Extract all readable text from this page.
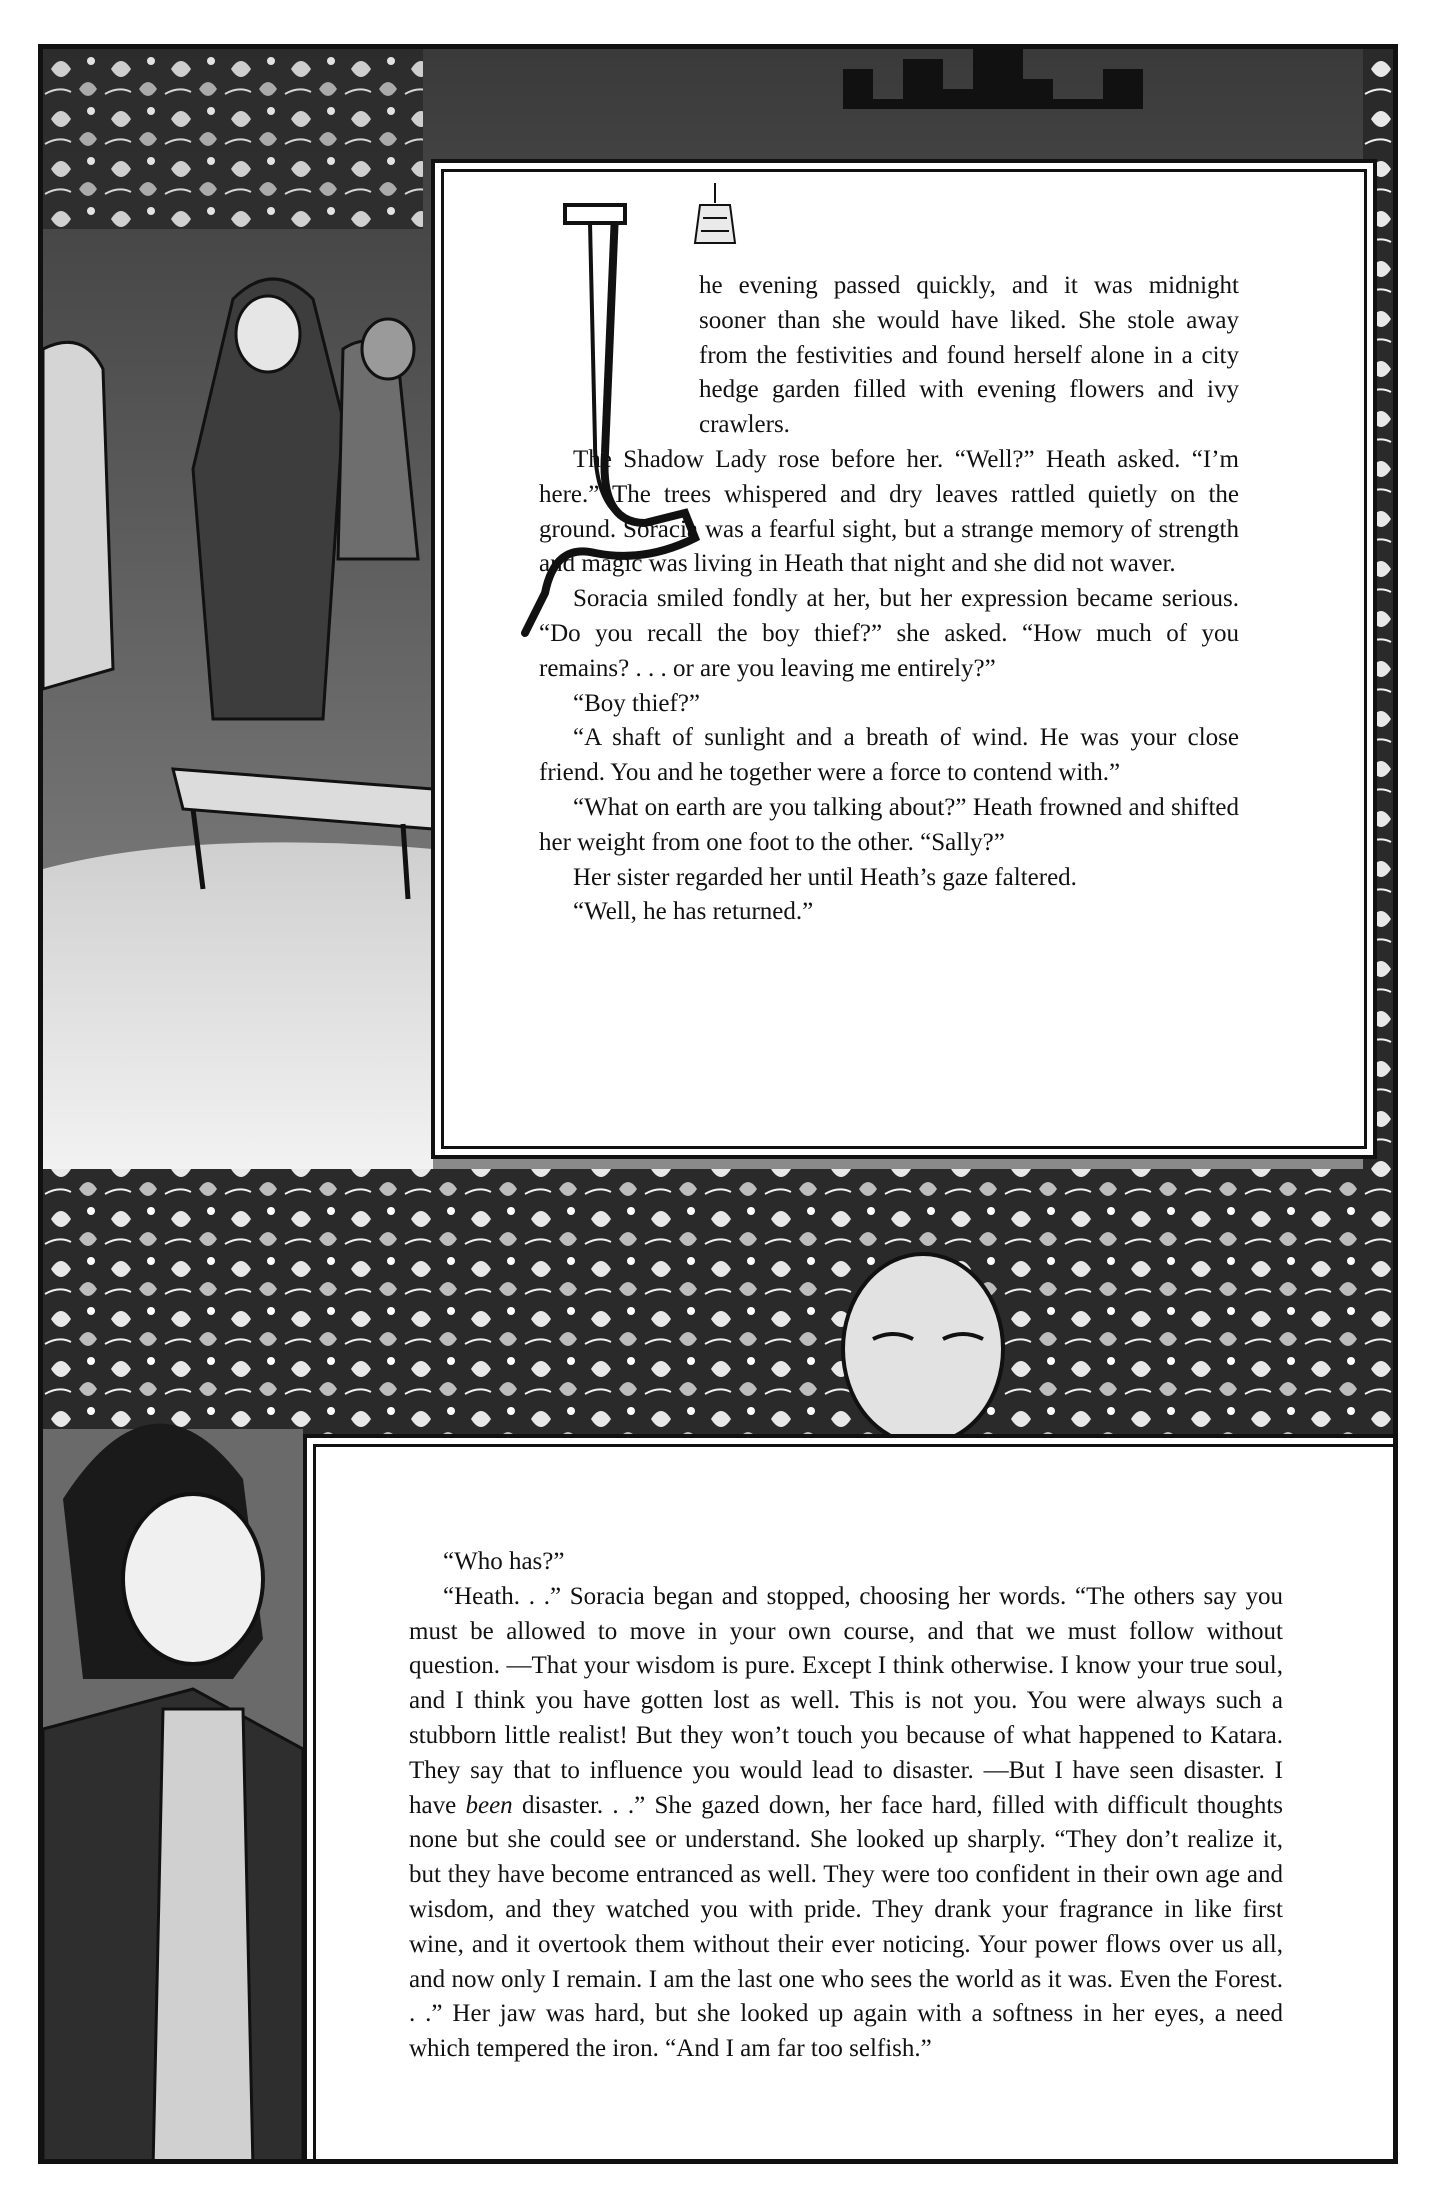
he evening passed quickly, and it was midnight sooner than she would have liked. She stole away from the festivities and found herself alone in a city hedge garden filled with evening flowers and ivy crawlers.

The Shadow Lady rose before her. “Well?” Heath asked. “I’m here.” The trees whispered and dry leaves rattled quietly on the ground. Soracia was a fearful sight, but a strange memory of strength and magic was living in Heath that night and she did not waver.

Soracia smiled fondly at her, but her expression became serious. “Do you recall the boy thief?” she asked. “How much of you remains? . . . or are you leaving me entirely?”

“Boy thief?”

“A shaft of sunlight and a breath of wind. He was your close friend. You and he together were a force to contend with.”

“What on earth are you talking about?” Heath frowned and shifted her weight from one foot to the other. “Sally?”

Her sister regarded her until Heath’s gaze faltered.

“Well, he has returned.”

“Who has?”

“Heath. . .” Soracia began and stopped, choosing her words. “The others say you must be allowed to move in your own course, and that we must follow without question. —That your wisdom is pure. Except I think otherwise. I know your true soul, and I think you have gotten lost as well. This is not you. You were always such a stubborn little realist! But they won’t touch you because of what happened to Katara. They say that to influence you would lead to disaster. —But I have seen disaster. I have been disaster. . .” She gazed down, her face hard, filled with difficult thoughts none but she could see or understand. She looked up sharply. “They don’t realize it, but they have become entranced as well. They were too confident in their own age and wisdom, and they watched you with pride. They drank your fragrance in like first wine, and it overtook them without their ever noticing. Your power flows over us all, and now only I remain. I am the last one who sees the world as it was. Even the Forest. . .” Her jaw was hard, but she looked up again with a softness in her eyes, a need which tempered the iron. “And I am far too selfish.”
